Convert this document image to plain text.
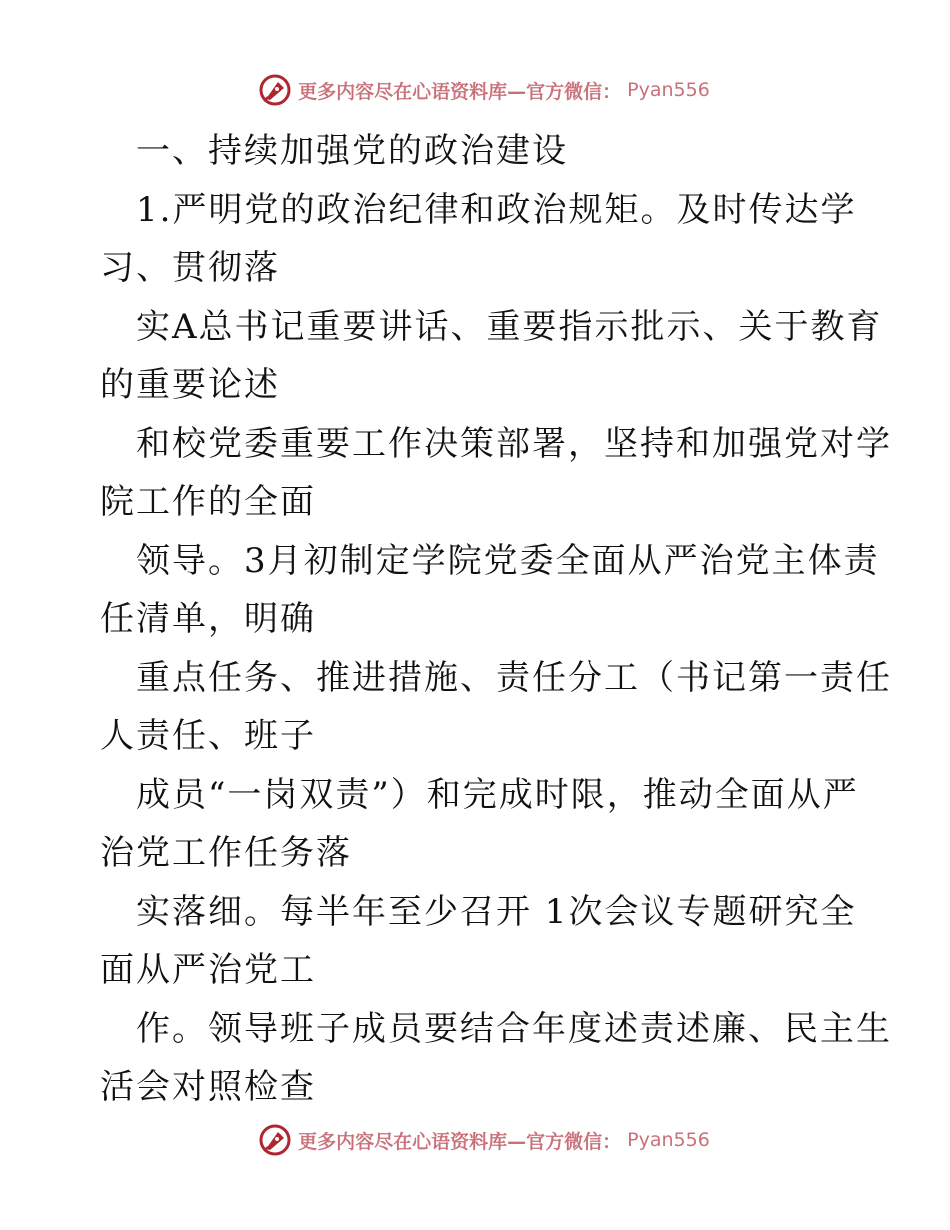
更多内容尽在心语资料库—官方微信： Pyan556
一、持续加强党的政治建设
1.严明党的政治纪律和政治规矩。及时传达学
习、贯彻落
实A总书记重要讲话、重要指示批示、关于教育
的重要论述
和校党委重要工作决策部署，坚持和加强党对学
院工作的全面
领导。3月初制定学院党委全面从严治党主体责
任清单，明确
重点任务、推进措施、责任分工（书记第一责任
人责任、班子
成员“一岗双责”）和完成时限，推动全面从严
治党工作任务落
实落细。每半年至少召开 1次会议专题研究全
面从严治党工
作。领导班子成员要结合年度述责述廉、民主生
活会对照检查
更多内容尽在心语资料库—官方微信： Pyan556
